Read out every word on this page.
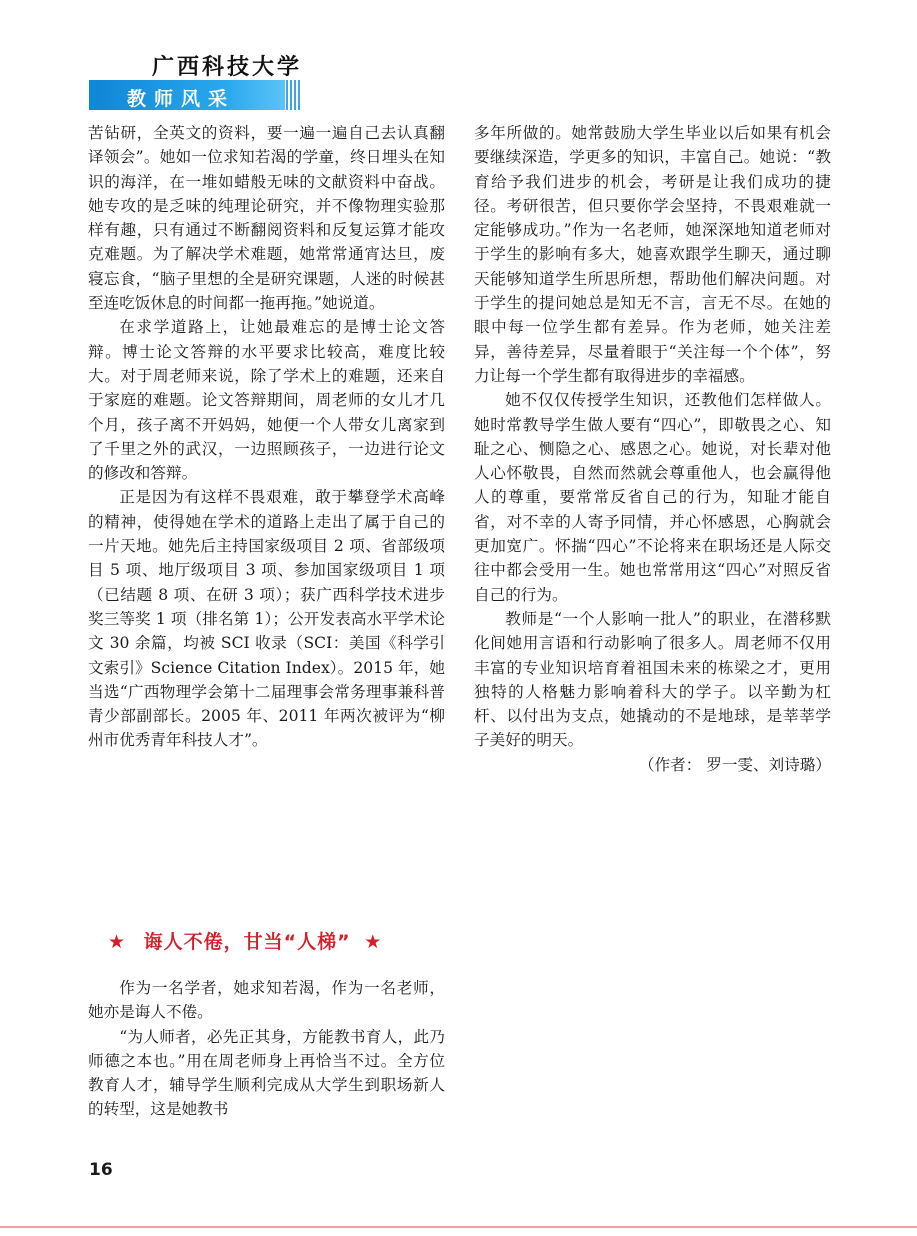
广西科技大学
教师风采

苦钻研，全英文的资料，要一遍一遍自己去认真翻译领会”。她如一位求知若渴的学童，终日埋头在知识的海洋，在一堆如蜡般无味的文献资料中奋战。她专攻的是乏味的纯理论研究，并不像物理实验那样有趣，只有通过不断翻阅资料和反复运算才能攻克难题。为了解决学术难题，她常常通宵达旦，废寝忘食，“脑子里想的全是研究课题，人迷的时候甚至连吃饭休息的时间都一拖再拖。”她说道。

在求学道路上，让她最难忘的是博士论文答辩。博士论文答辩的水平要求比较高，难度比较大。对于周老师来说，除了学术上的难题，还来自于家庭的难题。论文答辩期间，周老师的女儿才几个月，孩子离不开妈妈，她便一个人带女儿离家到了千里之外的武汉，一边照顾孩子，一边进行论文的修改和答辩。

正是因为有这样不畏艰难，敢于攀登学术高峰的精神，使得她在学术的道路上走出了属于自己的一片天地。她先后主持国家级项目 2 项、省部级项目 5 项、地厅级项目 3 项、参加国家级项目 1 项（已结题 8 项、在研 3 项）；获广西科学技术进步奖三等奖 1 项（排名第 1）；公开发表高水平学术论文 30 余篇，均被 SCI 收录（SCI：美国《科学引文索引》Science Citation Index）。2015 年，她当选“广西物理学会第十二届理事会常务理事兼科普青少部副部长。2005 年、2011 年两次被评为“柳州市优秀青年科技人才”。

★ 诲人不倦，甘当“人梯” ★

作为一名学者，她求知若渴，作为一名老师，她亦是诲人不倦。

“为人师者，必先正其身，方能教书育人，此乃师德之本也。”用在周老师身上再恰当不过。全方位教育人才，辅导学生顺利完成从大学生到职场新人的转型，这是她教书

多年所做的。她常鼓励大学生毕业以后如果有机会要继续深造，学更多的知识，丰富自己。她说：“教育给予我们进步的机会，考研是让我们成功的捷径。考研很苦，但只要你学会坚持，不畏艰难就一定能够成功。”作为一名老师，她深深地知道老师对于学生的影响有多大，她喜欢跟学生聊天，通过聊天能够知道学生所思所想，帮助他们解决问题。对于学生的提问她总是知无不言，言无不尽。在她的眼中每一位学生都有差异。作为老师，她关注差异，善待差异，尽量着眼于“关注每一个个体”，努力让每一个学生都有取得进步的幸福感。

她不仅仅传授学生知识，还教他们怎样做人。她时常教导学生做人要有“四心”，即敬畏之心、知耻之心、恻隐之心、感恩之心。她说，对长辈对他人心怀敬畏，自然而然就会尊重他人，也会赢得他人的尊重，要常常反省自己的行为，知耻才能自省，对不幸的人寄予同情，并心怀感恩，心胸就会更加宽广。怀揣“四心”不论将来在职场还是人际交往中都会受用一生。她也常常用这“四心”对照反省自己的行为。

教师是“一个人影响一批人”的职业，在潜移默化间她用言语和行动影响了很多人。周老师不仅用丰富的专业知识培育着祖国未来的栋梁之才，更用独特的人格魅力影响着科大的学子。以辛勤为杠杆、以付出为支点，她撬动的不是地球，是莘莘学子美好的明天。

（作者： 罗一雯、刘诗璐）

16
